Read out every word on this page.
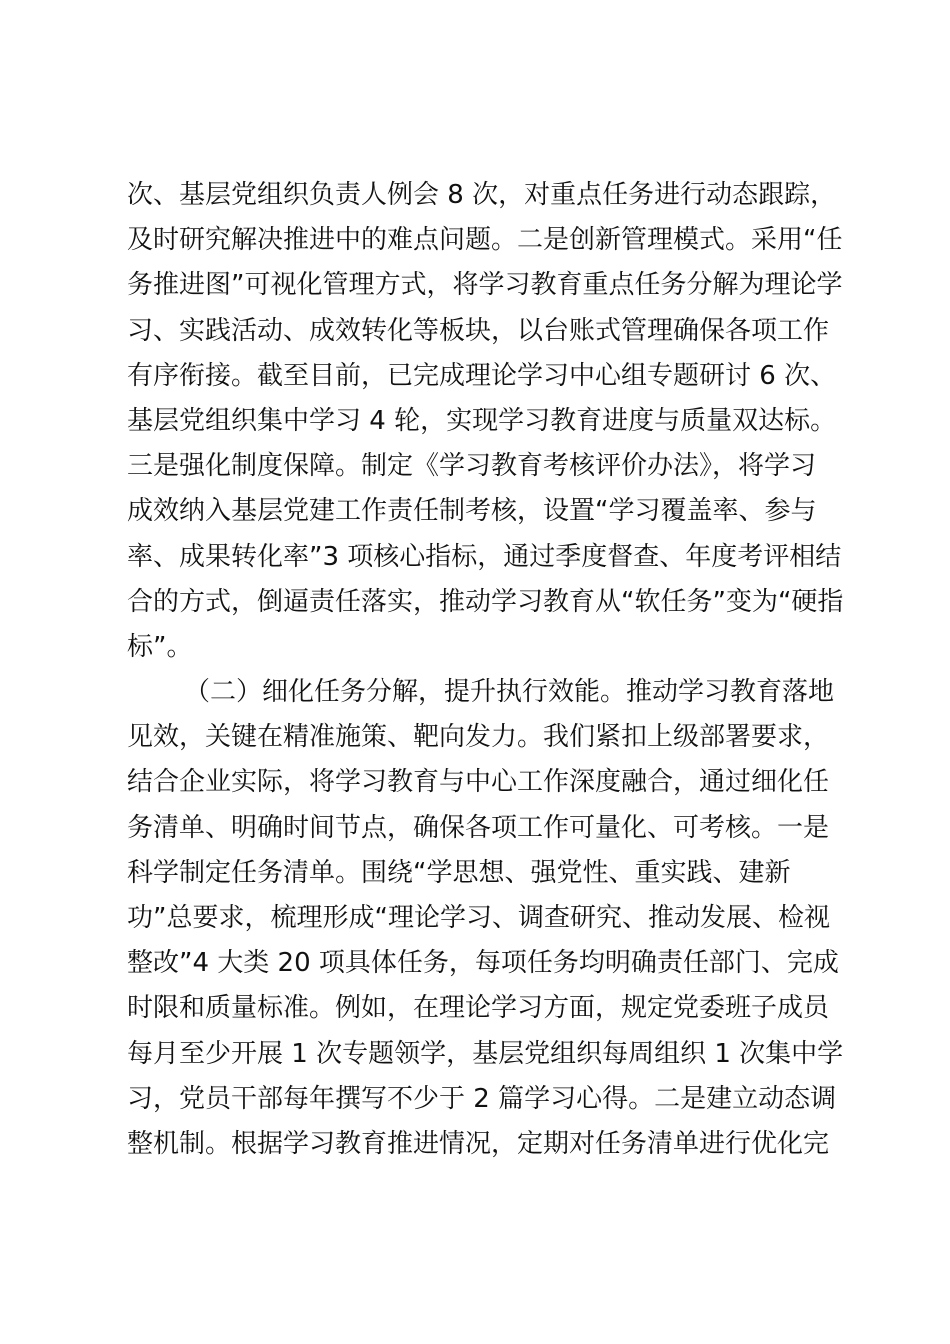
次、基层党组织负责人例会 8 次，对重点任务进行动态跟踪，
及时研究解决推进中的难点问题。二是创新管理模式。采用“任
务推进图”可视化管理方式，将学习教育重点任务分解为理论学
习、实践活动、成效转化等板块，以台账式管理确保各项工作
有序衔接。截至目前，已完成理论学习中心组专题研讨 6 次、
基层党组织集中学习 4 轮，实现学习教育进度与质量双达标。
三是强化制度保障。制定《学习教育考核评价办法》，将学习
成效纳入基层党建工作责任制考核，设置“学习覆盖率、参与
率、成果转化率”3 项核心指标，通过季度督查、年度考评相结
合的方式，倒逼责任落实，推动学习教育从“软任务”变为“硬指
标”。
（二）细化任务分解，提升执行效能。推动学习教育落地
见效，关键在精准施策、靶向发力。我们紧扣上级部署要求，
结合企业实际，将学习教育与中心工作深度融合，通过细化任
务清单、明确时间节点，确保各项工作可量化、可考核。一是
科学制定任务清单。围绕“学思想、强党性、重实践、建新
功”总要求，梳理形成“理论学习、调查研究、推动发展、检视
整改”4 大类 20 项具体任务，每项任务均明确责任部门、完成
时限和质量标准。例如，在理论学习方面，规定党委班子成员
每月至少开展 1 次专题领学，基层党组织每周组织 1 次集中学
习，党员干部每年撰写不少于 2 篇学习心得。二是建立动态调
整机制。根据学习教育推进情况，定期对任务清单进行优化完
